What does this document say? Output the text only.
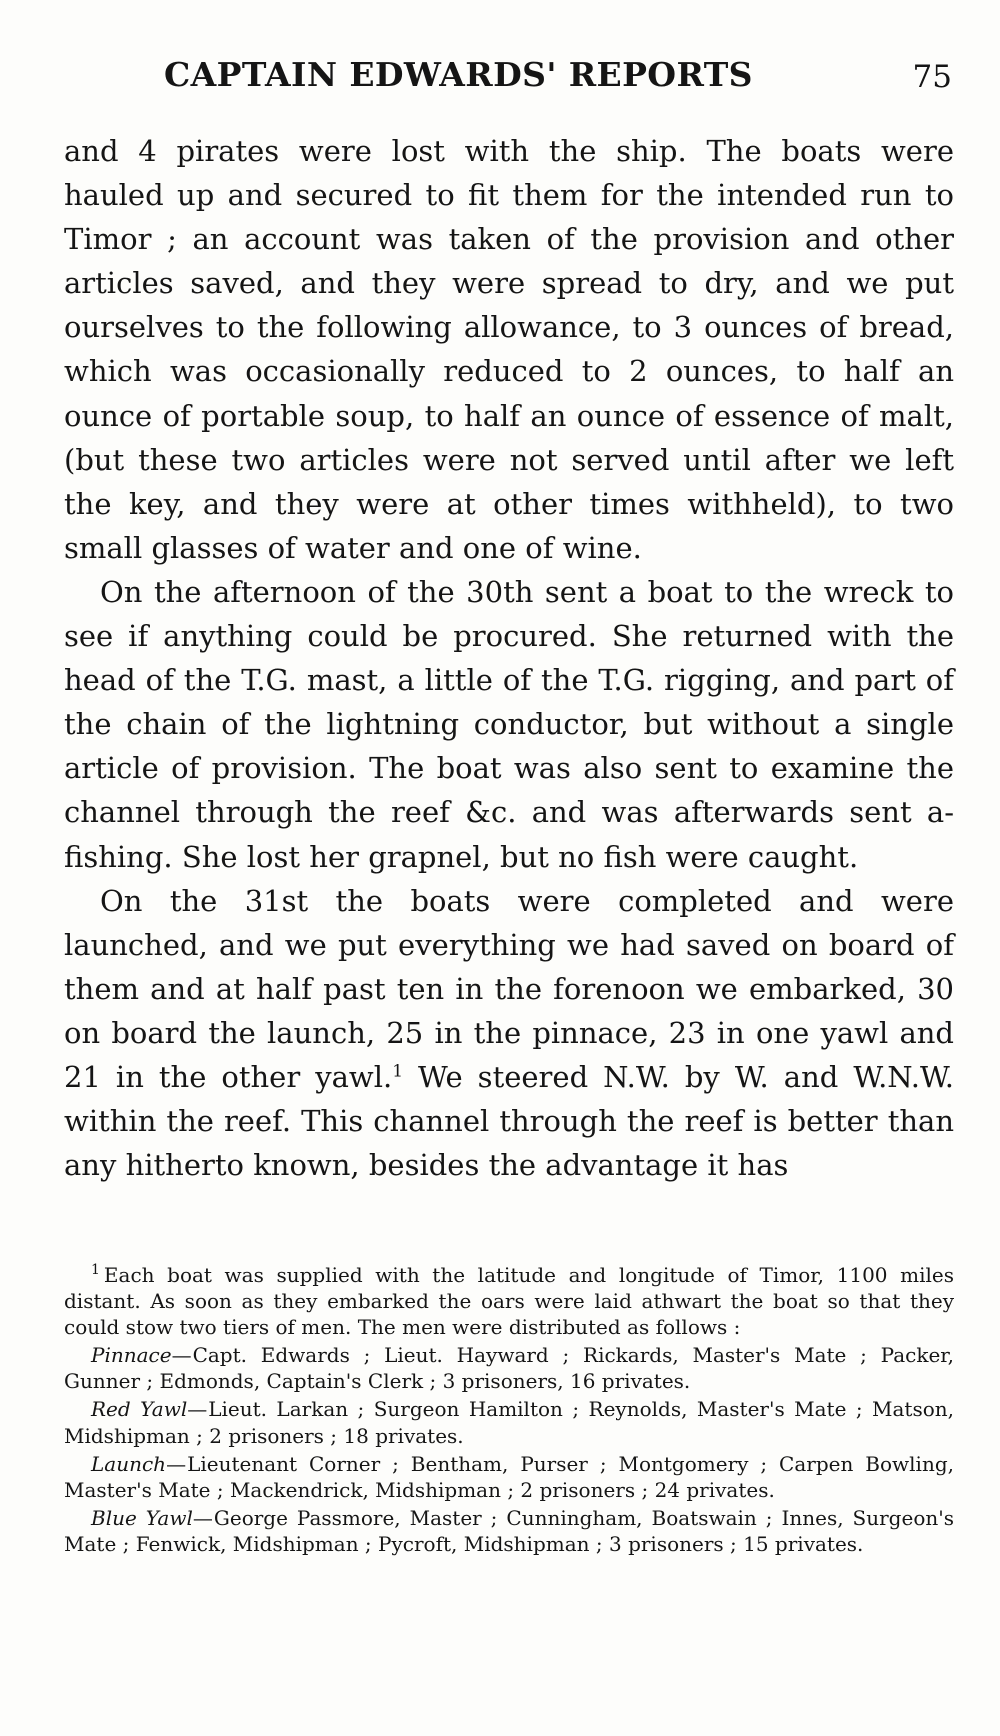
CAPTAIN EDWARDS' REPORTS	75

and 4 pirates were lost with the ship. The boats were hauled up and secured to fit them for the intended run to Timor ; an account was taken of the provision and other articles saved, and they were spread to dry, and we put ourselves to the following allowance, to 3 ounces of bread, which was occasionally reduced to 2 ounces, to half an ounce of portable soup, to half an ounce of essence of malt, (but these two articles were not served until after we left the key, and they were at other times withheld), to two small glasses of water and one of wine.

On the afternoon of the 30th sent a boat to the wreck to see if anything could be procured. She returned with the head of the T.G. mast, a little of the T.G. rigging, and part of the chain of the lightning conductor, but without a single article of provision. The boat was also sent to examine the channel through the reef &c. and was afterwards sent a-fishing. She lost her grapnel, but no fish were caught.

On the 31st the boats were completed and were launched, and we put everything we had saved on board of them and at half past ten in the forenoon we embarked, 30 on board the launch, 25 in the pinnace, 23 in one yawl and 21 in the other yawl.$^1$ We steered N.W. by W. and W.N.W. within the reef. This channel through the reef is better than any hitherto known, besides the advantage it has

$^1$ Each boat was supplied with the latitude and longitude of Timor, 1100 miles distant. As soon as they embarked the oars were laid athwart the boat so that they could stow two tiers of men. The men were distributed as follows :

Pinnace—Capt. Edwards ; Lieut. Hayward ; Rickards, Master's Mate ; Packer, Gunner ; Edmonds, Captain's Clerk ; 3 prisoners, 16 privates.

Red Yawl—Lieut. Larkan ; Surgeon Hamilton ; Reynolds, Master's Mate ; Matson, Midshipman ; 2 prisoners ; 18 privates.

Launch—Lieutenant Corner ; Bentham, Purser ; Montgomery ; Carpen Bowling, Master's Mate ; Mackendrick, Midshipman ; 2 prisoners ; 24 privates.

Blue Yawl—George Passmore, Master ; Cunningham, Boatswain ; Innes, Surgeon's Mate ; Fenwick, Midshipman ; Pycroft, Midshipman ; 3 prisoners ; 15 privates.
